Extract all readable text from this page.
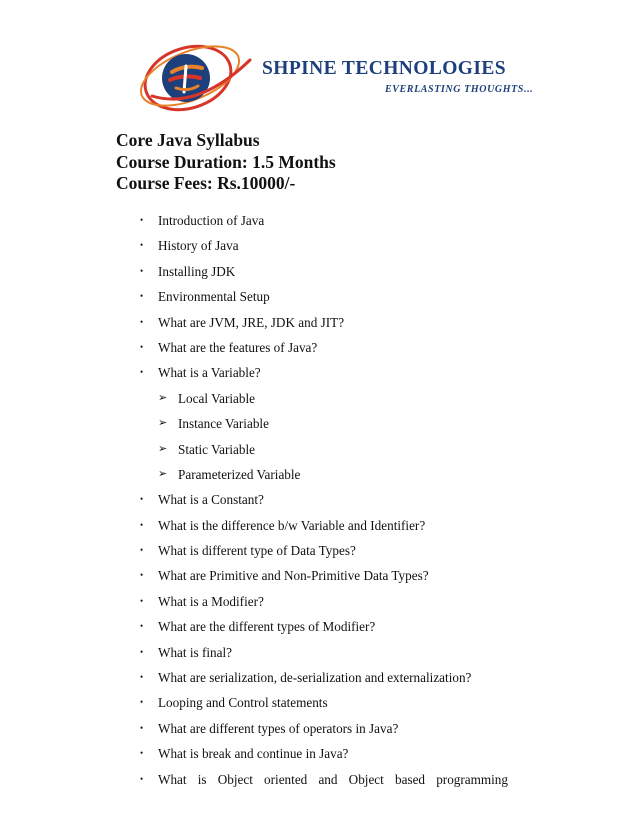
SHPINE TECHNOLOGIES
EVERLASTING THOUGHTS...
Core Java Syllabus
Course Duration: 1.5 Months
Course Fees: Rs.10000/-
• Introduction of Java
• History of Java
• Installing JDK
• Environmental Setup
• What are JVM, JRE, JDK and JIT?
• What are the features of Java?
• What is a Variable?
➢ Local Variable
➢ Instance Variable
➢ Static Variable
➢ Parameterized Variable
• What is a Constant?
• What is the difference b/w Variable and Identifier?
• What is different type of Data Types?
• What are Primitive and Non-Primitive Data Types?
• What is a Modifier?
• What are the different types of Modifier?
• What is final?
• What are serialization, de-serialization and externalization?
• Looping and Control statements
• What are different types of operators in Java?
• What is break and continue in Java?
• What is Object oriented and Object based programming
